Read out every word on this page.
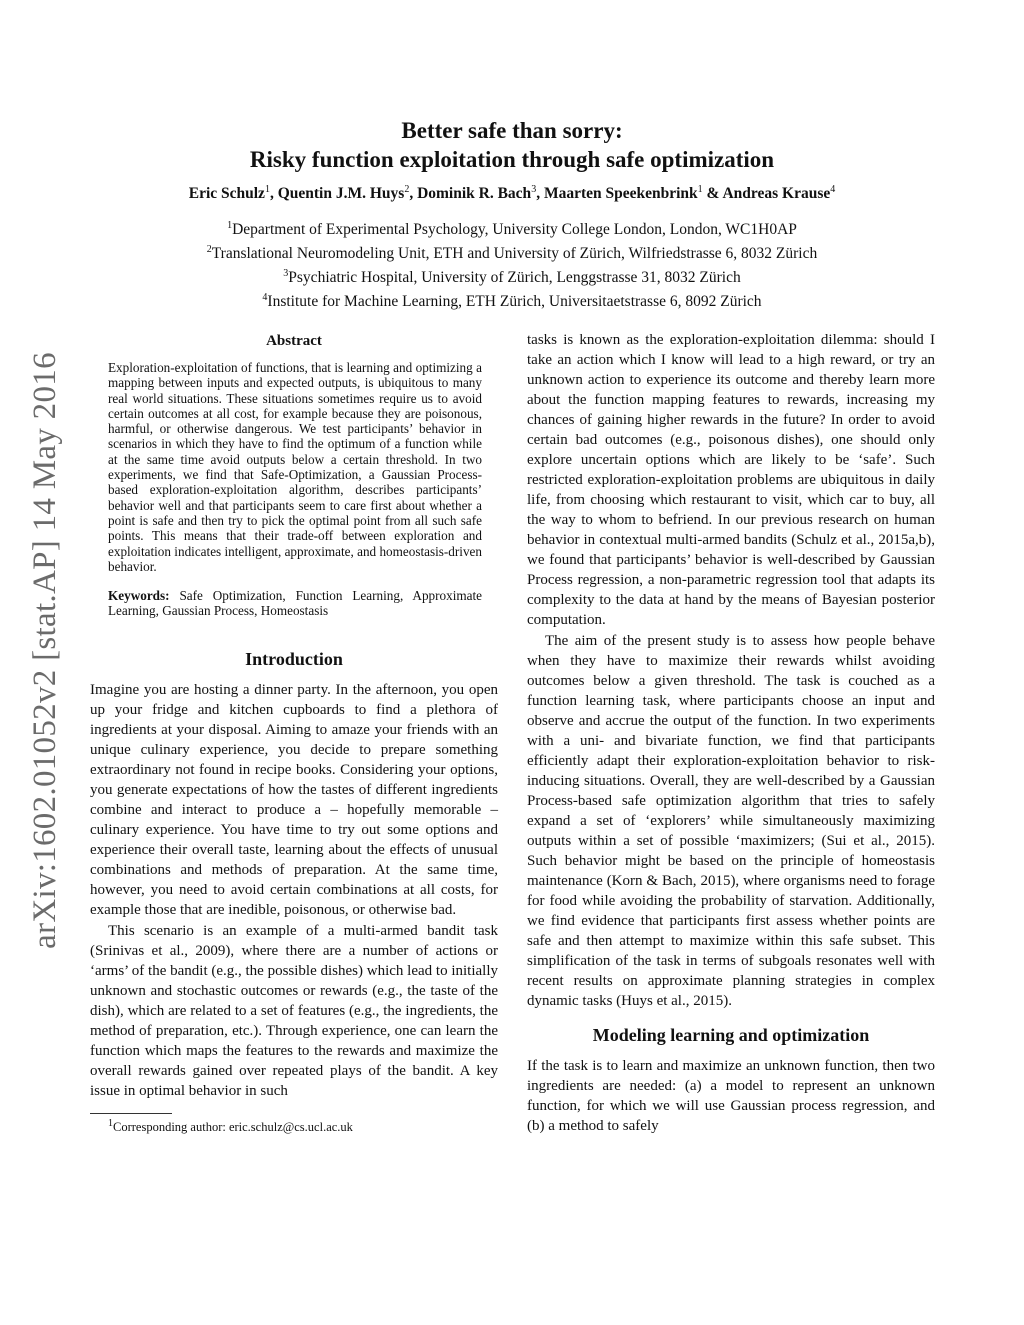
arXiv:1602.01052v2 [stat.AP] 14 May 2016
Better safe than sorry:
Risky function exploitation through safe optimization
Eric Schulz$^1$, Quentin J.M. Huys$^2$, Dominik R. Bach$^3$, Maarten Speekenbrink$^1$ & Andreas Krause$^4$
$^1$Department of Experimental Psychology, University College London, London, WC1H0AP
$^2$Translational Neuromodeling Unit, ETH and University of Zürich, Wilfriedstrasse 6, 8032 Zürich
$^3$Psychiatric Hospital, University of Zürich, Lenggstrasse 31, 8032 Zürich
$^4$Institute for Machine Learning, ETH Zürich, Universitaetstrasse 6, 8092 Zürich
Abstract
Exploration-exploitation of functions, that is learning and optimizing a mapping between inputs and expected outputs, is ubiquitous to many real world situations. These situations sometimes require us to avoid certain outcomes at all cost, for example because they are poisonous, harmful, or otherwise dangerous. We test participants’ behavior in scenarios in which they have to find the optimum of a function while at the same time avoid outputs below a certain threshold. In two experiments, we find that Safe-Optimization, a Gaussian Process-based exploration-exploitation algorithm, describes participants’ behavior well and that participants seem to care first about whether a point is safe and then try to pick the optimal point from all such safe points. This means that their trade-off between exploration and exploitation indicates intelligent, approximate, and homeostasis-driven behavior.
Keywords: Safe Optimization, Function Learning, Approximate Learning, Gaussian Process, Homeostasis
Introduction

Imagine you are hosting a dinner party. In the afternoon, you open up your fridge and kitchen cupboards to find a plethora of ingredients at your disposal. Aiming to amaze your friends with an unique culinary experience, you decide to prepare something extraordinary not found in recipe books. Considering your options, you generate expectations of how the tastes of different ingredients combine and interact to produce a – hopefully memorable – culinary experience. You have time to try out some options and experience their overall taste, learning about the effects of unusual combinations and methods of preparation. At the same time, however, you need to avoid certain combinations at all costs, for example those that are inedible, poisonous, or otherwise bad.

This scenario is an example of a multi-armed bandit task (Srinivas et al., 2009), where there are a number of actions or ‘arms’ of the bandit (e.g., the possible dishes) which lead to initially unknown and stochastic outcomes or rewards (e.g., the taste of the dish), which are related to a set of features (e.g., the ingredients, the method of preparation, etc.). Through experience, one can learn the function which maps the features to the rewards and maximize the overall rewards gained over repeated plays of the bandit. A key issue in optimal behavior in such

$^1$Corresponding author: eric.schulz@cs.ucl.ac.uk

tasks is known as the exploration-exploitation dilemma: should I take an action which I know will lead to a high reward, or try an unknown action to experience its outcome and thereby learn more about the function mapping features to rewards, increasing my chances of gaining higher rewards in the future? In order to avoid certain bad outcomes (e.g., poisonous dishes), one should only explore uncertain options which are likely to be ‘safe’. Such restricted exploration-exploitation problems are ubiquitous in daily life, from choosing which restaurant to visit, which car to buy, all the way to whom to befriend. In our previous research on human behavior in contextual multi-armed bandits (Schulz et al., 2015a,b), we found that participants’ behavior is well-described by Gaussian Process regression, a non-parametric regression tool that adapts its complexity to the data at hand by the means of Bayesian posterior computation.

The aim of the present study is to assess how people behave when they have to maximize their rewards whilst avoiding outcomes below a given threshold. The task is couched as a function learning task, where participants choose an input and observe and accrue the output of the function. In two experiments with a uni- and bivariate function, we find that participants efficiently adapt their exploration-exploitation behavior to risk-inducing situations. Overall, they are well-described by a Gaussian Process-based safe optimization algorithm that tries to safely expand a set of ‘explorers’ while simultaneously maximizing outputs within a set of possible ‘maximizers; (Sui et al., 2015). Such behavior might be based on the principle of homeostasis maintenance (Korn & Bach, 2015), where organisms need to forage for food while avoiding the probability of starvation. Additionally, we find evidence that participants first assess whether points are safe and then attempt to maximize within this safe subset. This simplification of the task in terms of subgoals resonates well with recent results on approximate planning strategies in complex dynamic tasks (Huys et al., 2015).

Modeling learning and optimization

If the task is to learn and maximize an unknown function, then two ingredients are needed: (a) a model to represent an unknown function, for which we will use Gaussian process regression, and (b) a method to safely
